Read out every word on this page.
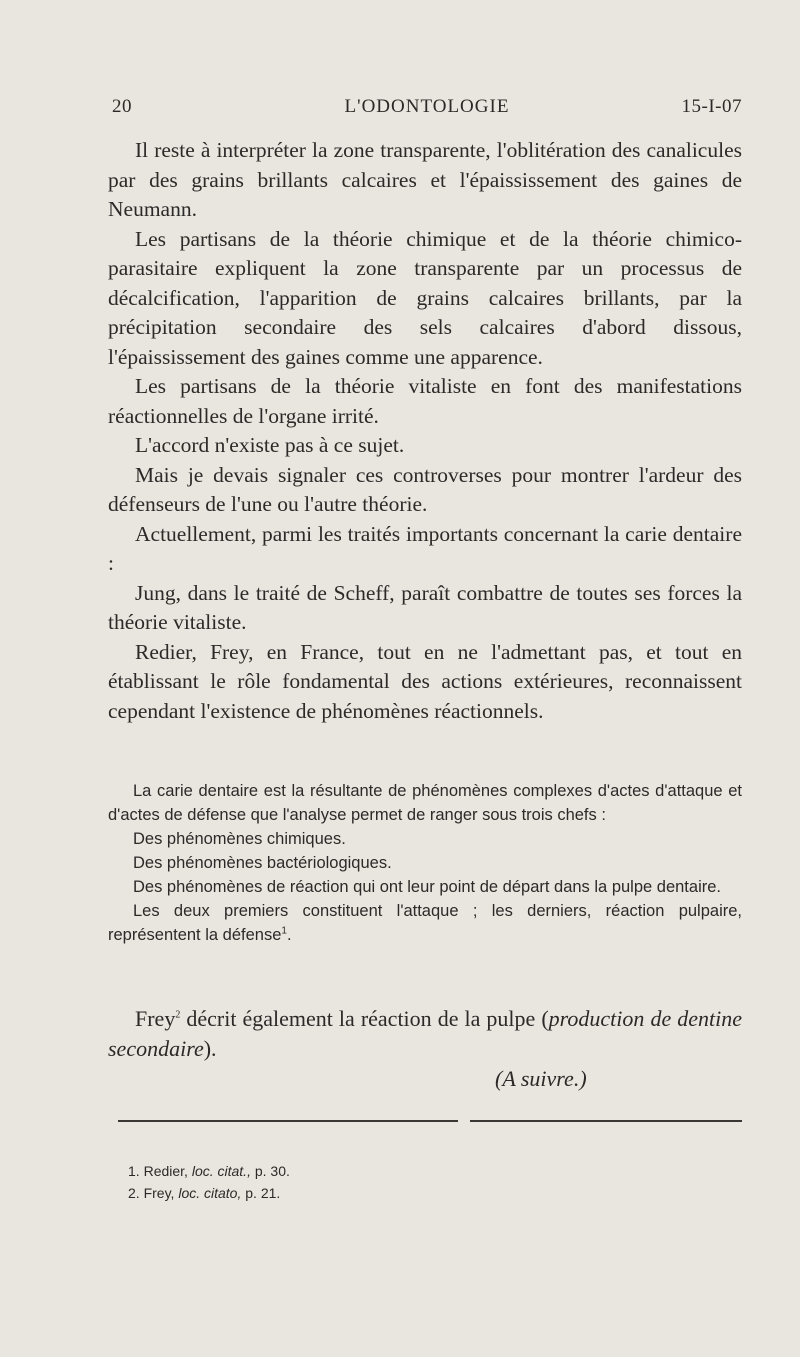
20	L'ODONTOLOGIE	15-I-07

Il reste à interpréter la zone transparente, l'oblitération des canalicules par des grains brillants calcaires et l'épaississement des gaines de Neumann.

Les partisans de la théorie chimique et de la théorie chimico-parasitaire expliquent la zone transparente par un processus de décalcification, l'apparition de grains calcaires brillants, par la précipitation secondaire des sels calcaires d'abord dissous, l'épaississement des gaines comme une apparence.

Les partisans de la théorie vitaliste en font des manifestations réactionnelles de l'organe irrité.

L'accord n'existe pas à ce sujet.

Mais je devais signaler ces controverses pour montrer l'ardeur des défenseurs de l'une ou l'autre théorie.

Actuellement, parmi les traités importants concernant la carie dentaire :

Jung, dans le traité de Scheff, paraît combattre de toutes ses forces la théorie vitaliste.

Redier, Frey, en France, tout en ne l'admettant pas, et tout en établissant le rôle fondamental des actions extérieures, reconnaissent cependant l'existence de phénomènes réactionnels.

La carie dentaire est la résultante de phénomènes complexes d'actes d'attaque et d'actes de défense que l'analyse permet de ranger sous trois chefs :

Des phénomènes chimiques.

Des phénomènes bactériologiques.

Des phénomènes de réaction qui ont leur point de départ dans la pulpe dentaire.

Les deux premiers constituent l'attaque ; les derniers, réaction pulpaire, représentent la défense$^1$.

Frey$^2$ décrit également la réaction de la pulpe (production de dentine secondaire).

(A suivre.)
1. Redier, loc. citat., p. 30.
2. Frey, loc. citato, p. 21.
